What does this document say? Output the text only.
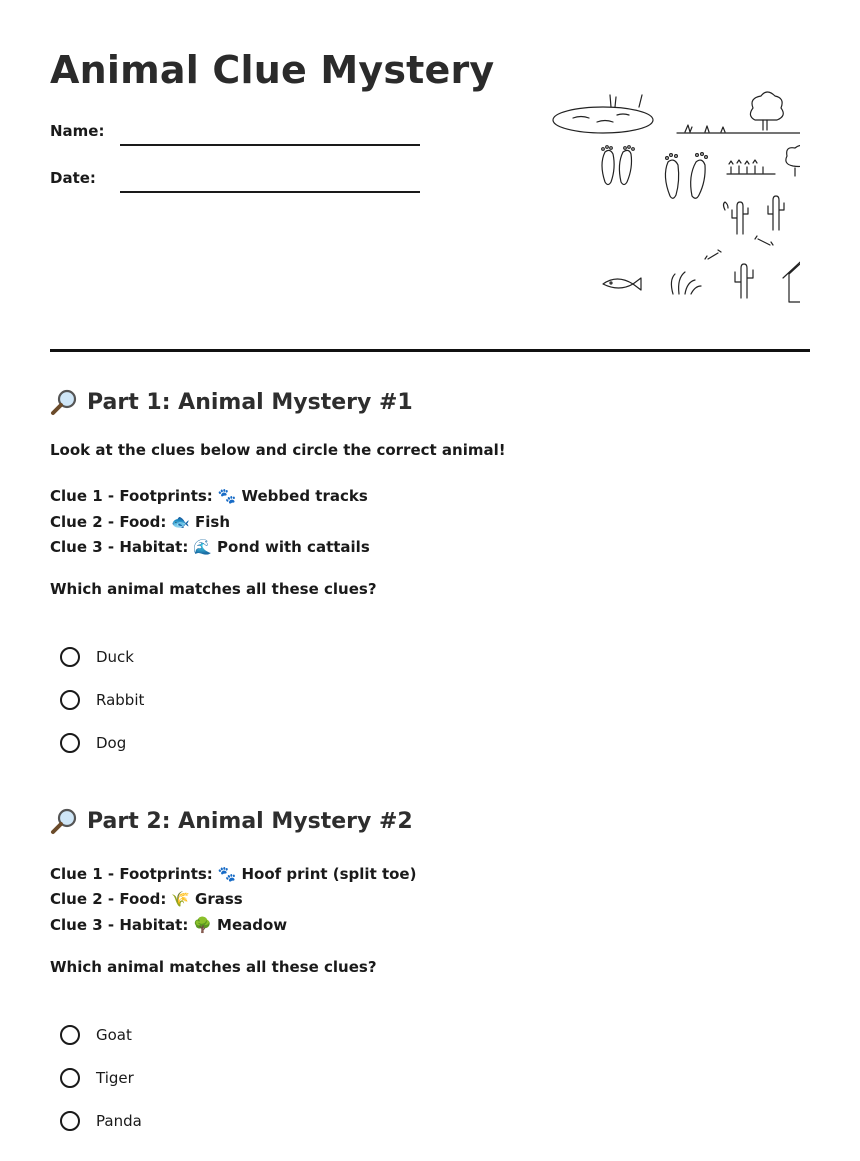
Animal Clue Mystery
Name:
Date:
Part 1: Animal Mystery #1
Look at the clues below and circle the correct animal!
Clue 1 - Footprints: 🐾 Webbed tracks
Clue 2 - Food: 🐟 Fish
Clue 3 - Habitat: 🌊 Pond with cattails
Which animal matches all these clues?
Duck
Rabbit
Dog
Part 2: Animal Mystery #2
Clue 1 - Footprints: 🐾 Hoof print (split toe)
Clue 2 - Food: 🌾 Grass
Clue 3 - Habitat: 🌳 Meadow
Which animal matches all these clues?
Goat
Tiger
Panda
